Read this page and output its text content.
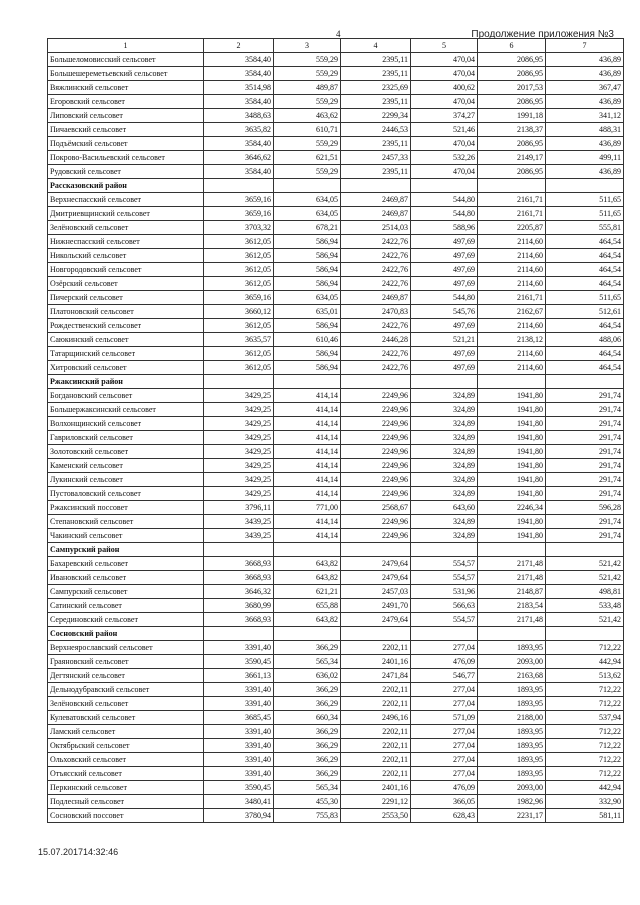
4	Продолжение приложения №3
1	2	3	4	5	6	7
Большеломовисский сельсовет	3584,40	559,29	2395,11	470,04	2086,95	436,89
Большешереметьевский сельсовет	3584,40	559,29	2395,11	470,04	2086,95	436,89
Вяжлинский сельсовет	3514,98	489,87	2325,69	400,62	2017,53	367,47
Егоровский сельсовет	3584,40	559,29	2395,11	470,04	2086,95	436,89
Липовский сельсовет	3488,63	463,62	2299,34	374,27	1991,18	341,12
Пичаевский сельсовет	3635,82	610,71	2446,53	521,46	2138,37	488,31
Подъёмский сельсовет	3584,40	559,29	2395,11	470,04	2086,95	436,89
Покрово-Васильевский сельсовет	3646,62	621,51	2457,33	532,26	2149,17	499,11
Рудовский сельсовет	3584,40	559,29	2395,11	470,04	2086,95	436,89
Рассказовский район						
Верхнеспасский сельсовет	3659,16	634,05	2469,87	544,80	2161,71	511,65
Дмитриевщинский сельсовет	3659,16	634,05	2469,87	544,80	2161,71	511,65
Зелёновский сельсовет	3703,32	678,21	2514,03	588,96	2205,87	555,81
Нижнеспасский сельсовет	3612,05	586,94	2422,76	497,69	2114,60	464,54
Никольский сельсовет	3612,05	586,94	2422,76	497,69	2114,60	464,54
Новгородовский сельсовет	3612,05	586,94	2422,76	497,69	2114,60	464,54
Озёрский сельсовет	3612,05	586,94	2422,76	497,69	2114,60	464,54
Пичерский сельсовет	3659,16	634,05	2469,87	544,80	2161,71	511,65
Платоновский сельсовет	3660,12	635,01	2470,83	545,76	2162,67	512,61
Рождественский сельсовет	3612,05	586,94	2422,76	497,69	2114,60	464,54
Саюкинский сельсовет	3635,57	610,46	2446,28	521,21	2138,12	488,06
Татарщинский сельсовет	3612,05	586,94	2422,76	497,69	2114,60	464,54
Хитровский сельсовет	3612,05	586,94	2422,76	497,69	2114,60	464,54
Ржаксинский район						
Богдановский сельсовет	3429,25	414,14	2249,96	324,89	1941,80	291,74
Большержаксинский сельсовет	3429,25	414,14	2249,96	324,89	1941,80	291,74
Волхонщинский сельсовет	3429,25	414,14	2249,96	324,89	1941,80	291,74
Гавриловский сельсовет	3429,25	414,14	2249,96	324,89	1941,80	291,74
Золотовский сельсовет	3429,25	414,14	2249,96	324,89	1941,80	291,74
Каменский сельсовет	3429,25	414,14	2249,96	324,89	1941,80	291,74
Лукинский сельсовет	3429,25	414,14	2249,96	324,89	1941,80	291,74
Пустоваловский сельсовет	3429,25	414,14	2249,96	324,89	1941,80	291,74
Ржаксинский поссовет	3796,11	771,00	2568,67	643,60	2246,34	596,28
Степановский сельсовет	3439,25	414,14	2249,96	324,89	1941,80	291,74
Чакинский сельсовет	3439,25	414,14	2249,96	324,89	1941,80	291,74
Сампурский район						
Бахаревский сельсовет	3668,93	643,82	2479,64	554,57	2171,48	521,42
Ивановский сельсовет	3668,93	643,82	2479,64	554,57	2171,48	521,42
Сампурский сельсовет	3646,32	621,21	2457,03	531,96	2148,87	498,81
Сатинский сельсовет	3680,99	655,88	2491,70	566,63	2183,54	533,48
Серединовский сельсовет	3668,93	643,82	2479,64	554,57	2171,48	521,42
Сосновский район						
Верхнеярославский сельсовет	3391,40	366,29	2202,11	277,04	1893,95	712,22
Граяновский сельсовет	3590,45	565,34	2401,16	476,09	2093,00	442,94
Дегтянский сельсовет	3661,13	636,02	2471,84	546,77	2163,68	513,62
Дельнодубравский сельсовет	3391,40	366,29	2202,11	277,04	1893,95	712,22
Зелёновский сельсовет	3391,40	366,29	2202,11	277,04	1893,95	712,22
Кулеватовский сельсовет	3685,45	660,34	2496,16	571,09	2188,00	537,94
Ламский сельсовет	3391,40	366,29	2202,11	277,04	1893,95	712,22
Октябрьский сельсовет	3391,40	366,29	2202,11	277,04	1893,95	712,22
Ольховский сельсовет	3391,40	366,29	2202,11	277,04	1893,95	712,22
Отъясский сельсовет	3391,40	366,29	2202,11	277,04	1893,95	712,22
Перкинский сельсовет	3590,45	565,34	2401,16	476,09	2093,00	442,94
Подлесный сельсовет	3480,41	455,30	2291,12	366,05	1982,96	332,90
Сосновский поссовет	3780,94	755,83	2553,50	628,43	2231,17	581,11
15.07.201714:32:46
